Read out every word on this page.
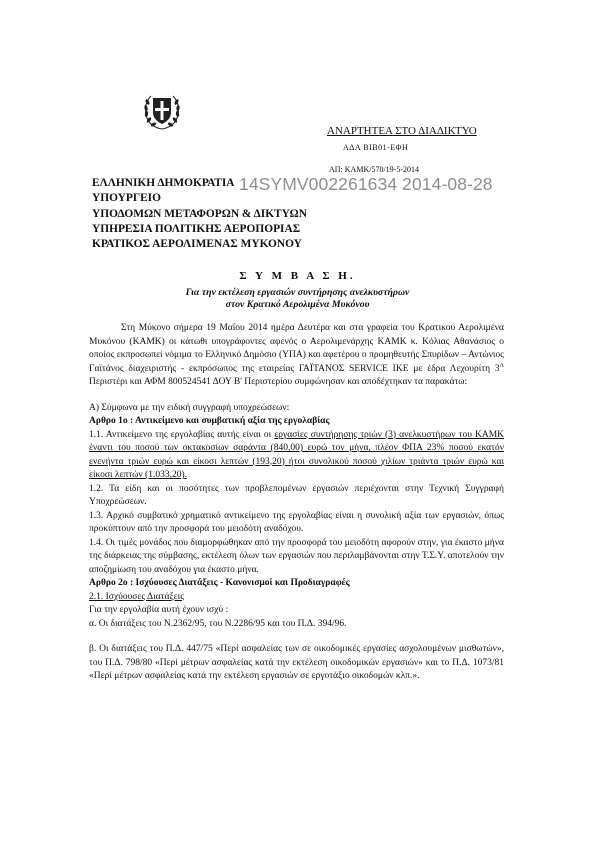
ΑΝΑΡΤΗΤΕΑ ΣΤΟ ΔΙΑΔΙΚΤΥΟ
ΑΔΑ ΒΙΒ01-ΕΦΗ
ΑΠ: ΚΑΜΚ/570/19-5-2014
ΕΛΛΗΝΙΚΗ ΔΗΜΟΚΡΑΤΙΑ
ΥΠΟΥΡΓΕΙΟ
ΥΠΟΔΟΜΩΝ ΜΕΤΑΦΟΡΩΝ & ΔΙΚΤΥΩΝ
ΥΠΗΡΕΣΙΑ ΠΟΛΙΤΙΚΗΣ ΑΕΡΟΠΟΡΙΑΣ
ΚΡΑΤΙΚΟΣ ΑΕΡΟΛΙΜΕΝΑΣ ΜΥΚΟΝΟΥ
14SYMV002261634 2014-08-28
Σ Υ Μ Β Α Σ Η.
Για την εκτέλεση εργασιών συντήρησης ανελκυστήρων
στον Κρατικό Αερολιμένα Μυκόνου

Στη Μύκονο σήμερα 19 Μαΐου 2014 ημέρα Δευτέρα και στα γραφεία του Κρατικού Αερολιμένα Μυκόνου (ΚΑΜΚ) οι κάτωθι υπογράφοντες αφενός ο Αερολιμενάρχης ΚΑΜΚ κ. Κόλιας Αθανάσιος ο οποίος εκπροσωπεί νόμιμα το Ελληνικό Δημόσιο (ΥΠΑ) και αφετέρου ο προμηθευτής Σπυρίδων – Αντώνιος Γαϊτάνος διαχειριστής - εκπρόσωπος της εταιρείας ΓΑΪΤΑΝΟΣ SERVICE IKE με έδρα Λεχουρίτη $3^A$ Περιστέρι και ΑΦΜ 800524541 ΔΟΥ Β' Περιστερίου συμφώνησαν και αποδέχτηκαν τα παρακάτω:

Α) Σύμφωνα με την ειδική συγγραφή υποχρεώσεων:

Αρθρο 1ο : Αντικείμενο και συμβατική αξία της εργολαβίας

1.1. Αντικείμενο της εργολαβίας αυτής είναι οι εργασίες συντήρησης τριών (3) ανελκυστήρων του ΚΑΜΚ έναντι του ποσού των οκτακοσίων σαράντα (840,00) ευρώ τον μήνα, πλέον ΦΠΑ 23% ποσού εκατόν ενενήντα τριών ευρώ και είκοσι λεπτών (193,20) ήτοι συνολικού ποσού χιλίων τριάντα τριών ευρώ και είκοσι λεπτών (1.033,20).

1.2. Τα είδη και οι ποσότητες των προβλεπομένων εργασιών περιέχονται στην Τεχνική Συγγραφή Υποχρεώσεων.

1.3. Αρχικό συμβατικό χρηματικό αντικείμενο της εργολαβίας είναι η συνολική αξία των εργασιών, όπως προκύπτουν από την προσφορά του μειοδότη αναδόχου.

1.4. Οι τιμές μονάδος που διαμορφώθηκαν από την προσφορά του μειοδότη αφορούν στην, για έκαστο μήνα της διάρκειας της σύμβασης, εκτέλεση όλων των εργασιών που περιλαμβάνονται στην Τ.Σ.Υ. αποτελούν την αποζημίωση του αναδόχου για έκαστο μήνα.

Αρθρο 2ο : Ισχύουσες Διατάξεις - Κανονισμοί και Προδιαγραφές

2.1. Ισχύουσες Διατάξεις

Για την εργολαβία αυτή έχουν ισχύ :

α. Οι διατάξεις του Ν.2362/95, του Ν.2286/95 και του Π.Δ. 394/96.

β. Οι διατάξεις του Π.Δ. 447/75 «Περί ασφαλείας των σε οικοδομικές εργασίες ασχολουμένων μισθωτών», του Π.Δ. 798/80 «Περί μέτρων ασφαλείας κατά την εκτέλεση οικοδομικών εργασιών» και το Π.Δ. 1073/81 «Περί μέτρων ασφαλείας κατά την εκτέλεση εργασιών σε εργοτάξιο οικοδομών κλπ.».
